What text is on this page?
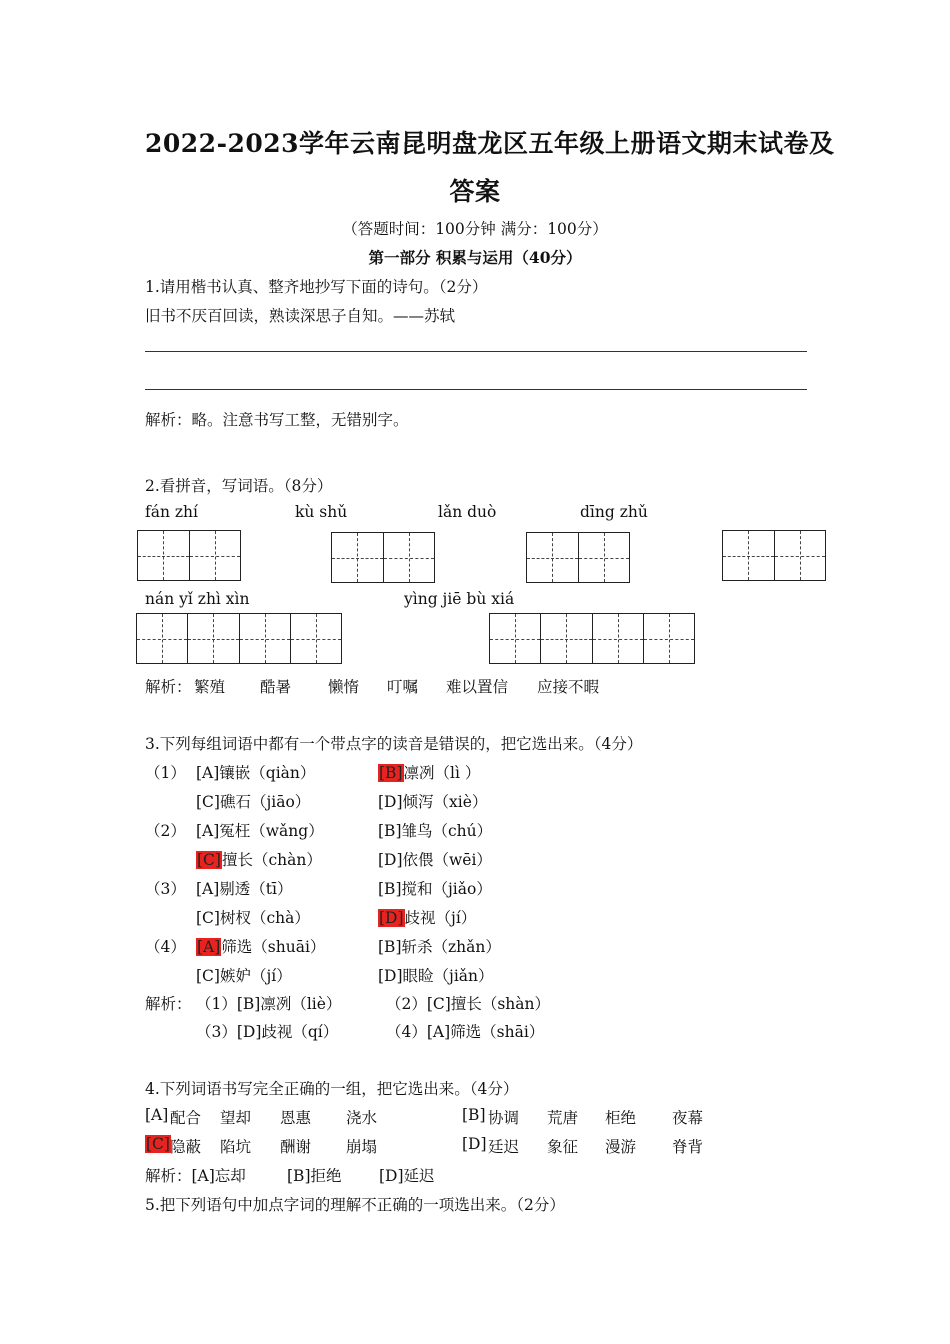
2022-2023学年云南昆明盘龙区五年级上册语文期末试卷及
答案
（答题时间：100分钟 满分：100分）
第一部分 积累与运用（40分）
1.请用楷书认真、整齐地抄写下面的诗句。（2分）
旧书不厌百回读，熟读深思子自知。——苏轼
解析：略。注意书写工整，无错别字。
2.看拼音，写词语。（8分）
fán zhí	kù shǔ	lǎn duò	dīng zhǔ
nán yǐ zhì xìn	yìng jiē bù xiá
解析： 繁殖 酷暑 懒惰 叮嘱 难以置信 应接不暇
3.下列每组词语中都有一个带点字的读音是错误的，把它选出来。（4分）
（1） [A]镶嵌（qiàn）	[B]凛冽（lì ）
[C]礁石（jiāo）	[D]倾泻（xiè）
（2） [A]冤枉（wǎng）	[B]雏鸟（chú）
[C]擅长（chàn）	[D]依偎（wēi）
（3） [A]剔透（tī）	[B]搅和（jiǎo）
[C]树杈（chà）	[D]歧视（jí）
（4） [A]筛选（shuāi）	[B]斩杀（zhǎn）
[C]嫉妒（jí）	[D]眼睑（jiǎn）
解析： （1）[B]凛冽（liè）	（2）[C]擅长（shàn）
（3）[D]歧视（qí）	（4）[A]筛选（shāi）
4.下列词语书写完全正确的一组，把它选出来。（4分）
[A] 配合 望却 恩惠 浇水	[B] 协调 荒唐 柜绝 夜幕
[C] 隐蔽 陷坑 酬谢 崩塌	[D] 廷迟 象征 漫游 脊背
解析：[A]忘却	[B]拒绝 [D]延迟
5.把下列语句中加点字词的理解不正确的一项选出来。（2分）
